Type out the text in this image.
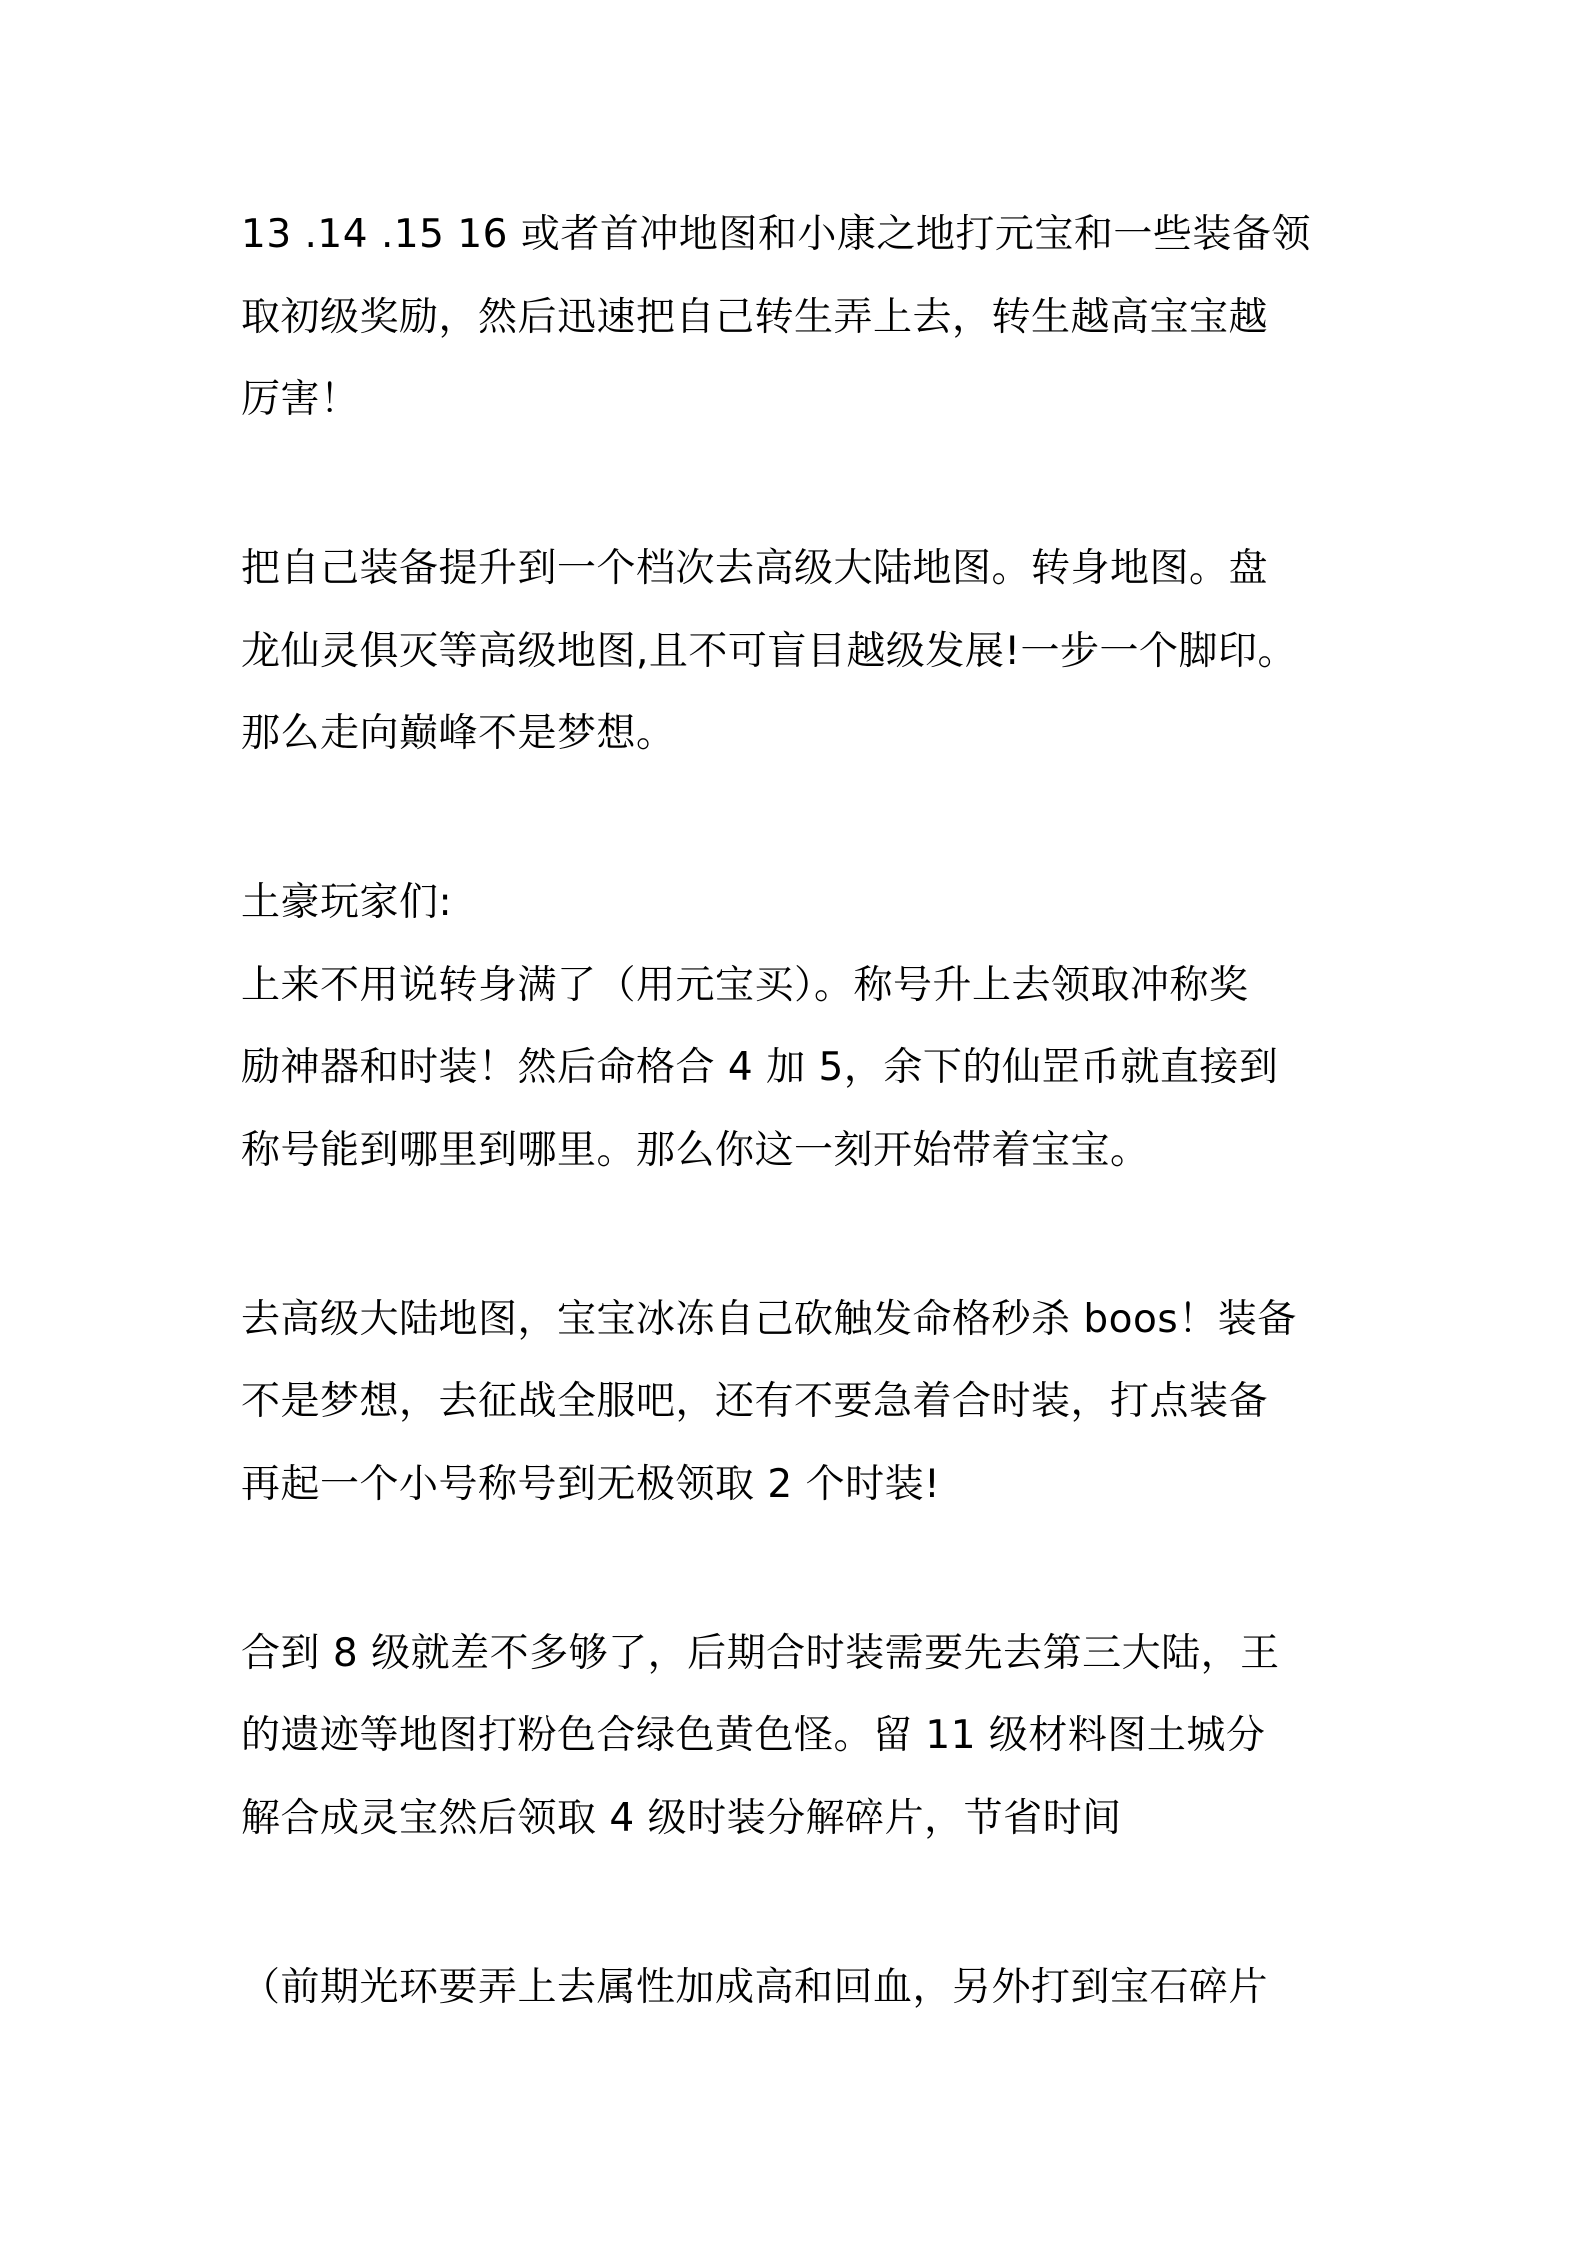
13 .14 .15 16 或者首冲地图和小康之地打元宝和一些装备领
取初级奖励，然后迅速把自己转生弄上去，转生越高宝宝越
厉害！
把自己装备提升到一个档次去高级大陆地图。转身地图。盘
龙仙灵俱灭等高级地图,且不可盲目越级发展!一步一个脚印。
那么走向巅峰不是梦想。
土豪玩家们:
上来不用说转身满了（用元宝买）。称号升上去领取冲称奖
励神器和时装！然后命格合 4 加 5，余下的仙罡币就直接到
称号能到哪里到哪里。那么你这一刻开始带着宝宝。
去高级大陆地图，宝宝冰冻自己砍触发命格秒杀 boos！装备
不是梦想，去征战全服吧，还有不要急着合时装，打点装备
再起一个小号称号到无极领取 2 个时装!
合到 8 级就差不多够了，后期合时装需要先去第三大陆，王
的遗迹等地图打粉色合绿色黄色怪。留 11 级材料图土城分
解合成灵宝然后领取 4 级时装分解碎片，节省时间
（前期光环要弄上去属性加成高和回血，另外打到宝石碎片
